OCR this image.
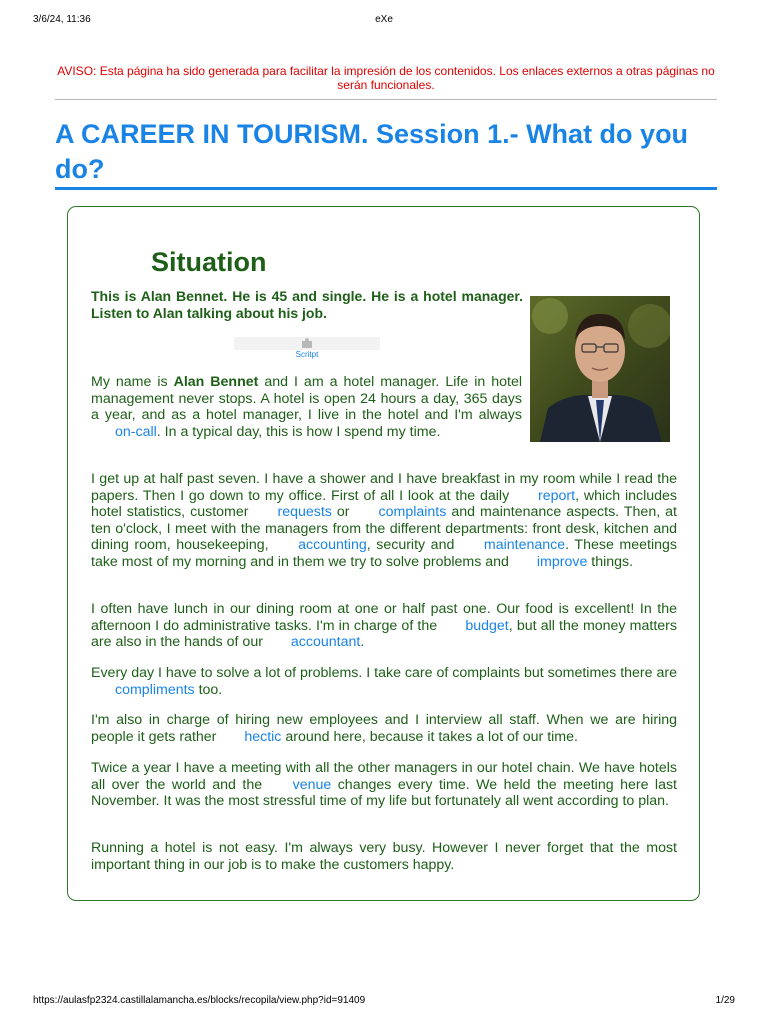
3/6/24, 11:36	eXe
AVISO: Esta página ha sido generada para facilitar la impresión de los contenidos. Los enlaces externos a otras páginas no serán funcionales.
A CAREER IN TOURISM. Session 1.- What do you do?
Situation
This is Alan Bennet. He is 45 and single. He is a hotel manager. Listen to Alan talking about his job.
Scritpt

My name is Alan Bennet and I am a hotel manager. Life in hotel management never stops. A hotel is open 24 hours a day, 365 days a year, and as a hotel manager, I live in the hotel and I'm always on-call. In a typical day, this is how I spend my time.

I get up at half past seven. I have a shower and I have breakfast in my room while I read the papers. Then I go down to my office. First of all I look at the daily report, which includes hotel statistics, customer requests or complaints and maintenance aspects. Then, at ten o'clock, I meet with the managers from the different departments: front desk, kitchen and dining room, housekeeping, accounting, security and maintenance. These meetings take most of my morning and in them we try to solve problems and improve things.

I often have lunch in our dining room at one or half past one. Our food is excellent! In the afternoon I do administrative tasks. I'm in charge of the budget, but all the money matters are also in the hands of our accountant.

Every day I have to solve a lot of problems. I take care of complaints but sometimes there are compliments too.

I'm also in charge of hiring new employees and I interview all staff. When we are hiring people it gets rather hectic around here, because it takes a lot of our time.

Twice a year I have a meeting with all the other managers in our hotel chain. We have hotels all over the world and the venue changes every time. We held the meeting here last November. It was the most stressful time of my life but fortunately all went according to plan.

Running a hotel is not easy. I'm always very busy. However I never forget that the most important thing in our job is to make the customers happy.

https://aulasfp2324.castillalamancha.es/blocks/recopila/view.php?id=91409	1/29
